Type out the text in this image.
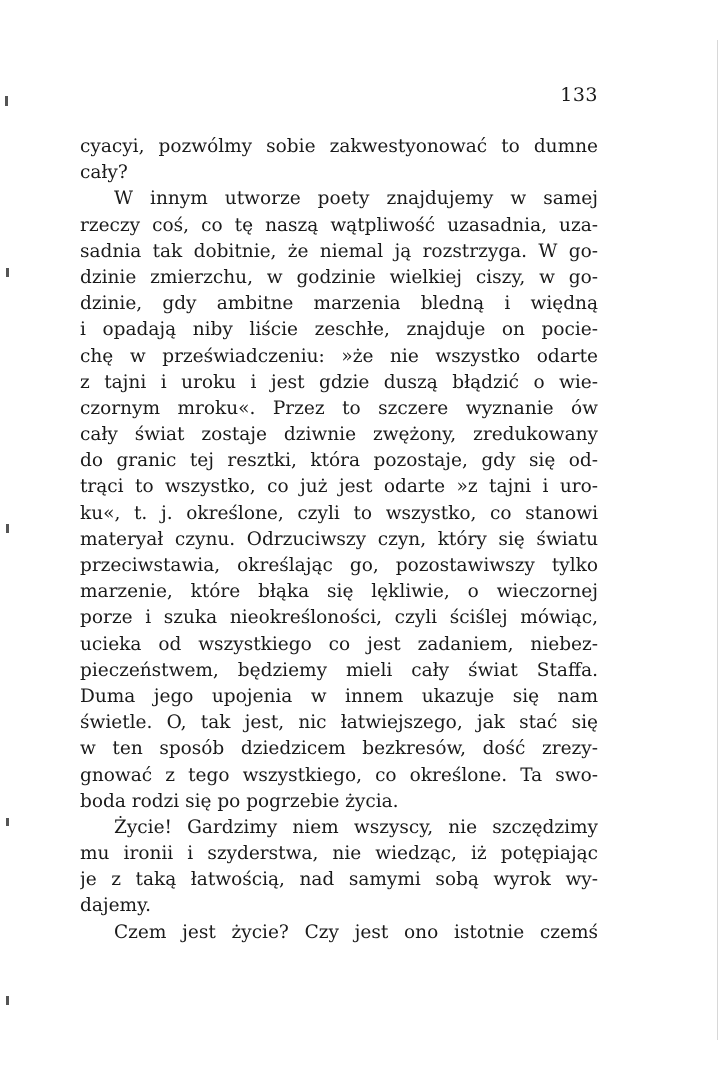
133
cyacyi, pozwólmy sobie zakwestyonować to dumne
cały?
W innym utworze poety znajdujemy w samej
rzeczy coś, co tę naszą wątpliwość uzasadnia, uza-
sadnia tak dobitnie, że niemal ją rozstrzyga. W go-
dzinie zmierzchu, w godzinie wielkiej ciszy, w go-
dzinie, gdy ambitne marzenia bledną i więdną
i opadają niby liście zeschłe, znajduje on pocie-
chę w przeświadczeniu: »że nie wszystko odarte
z tajni i uroku i jest gdzie duszą błądzić o wie-
czornym mroku«. Przez to szczere wyznanie ów
cały świat zostaje dziwnie zwężony, zredukowany
do granic tej resztki, która pozostaje, gdy się od-
trąci to wszystko, co już jest odarte »z tajni i uro-
ku«, t. j. określone, czyli to wszystko, co stanowi
materyał czynu. Odrzuciwszy czyn, który się światu
przeciwstawia, określając go, pozostawiwszy tylko
marzenie, które błąka się lękliwie, o wieczornej
porze i szuka nieokreśloności, czyli ściślej mówiąc,
ucieka od wszystkiego co jest zadaniem, niebez-
pieczeństwem, będziemy mieli cały świat Staffa.
Duma jego upojenia w innem ukazuje się nam
świetle. O, tak jest, nic łatwiejszego, jak stać się
w ten sposób dziedzicem bezkresów, dość zrezy-
gnować z tego wszystkiego, co określone. Ta swo-
boda rodzi się po pogrzebie życia.
Życie! Gardzimy niem wszyscy, nie szczędzimy
mu ironii i szyderstwa, nie wiedząc, iż potępiając
je z taką łatwością, nad samymi sobą wyrok wy-
dajemy.
Czem jest życie? Czy jest ono istotnie czemś
